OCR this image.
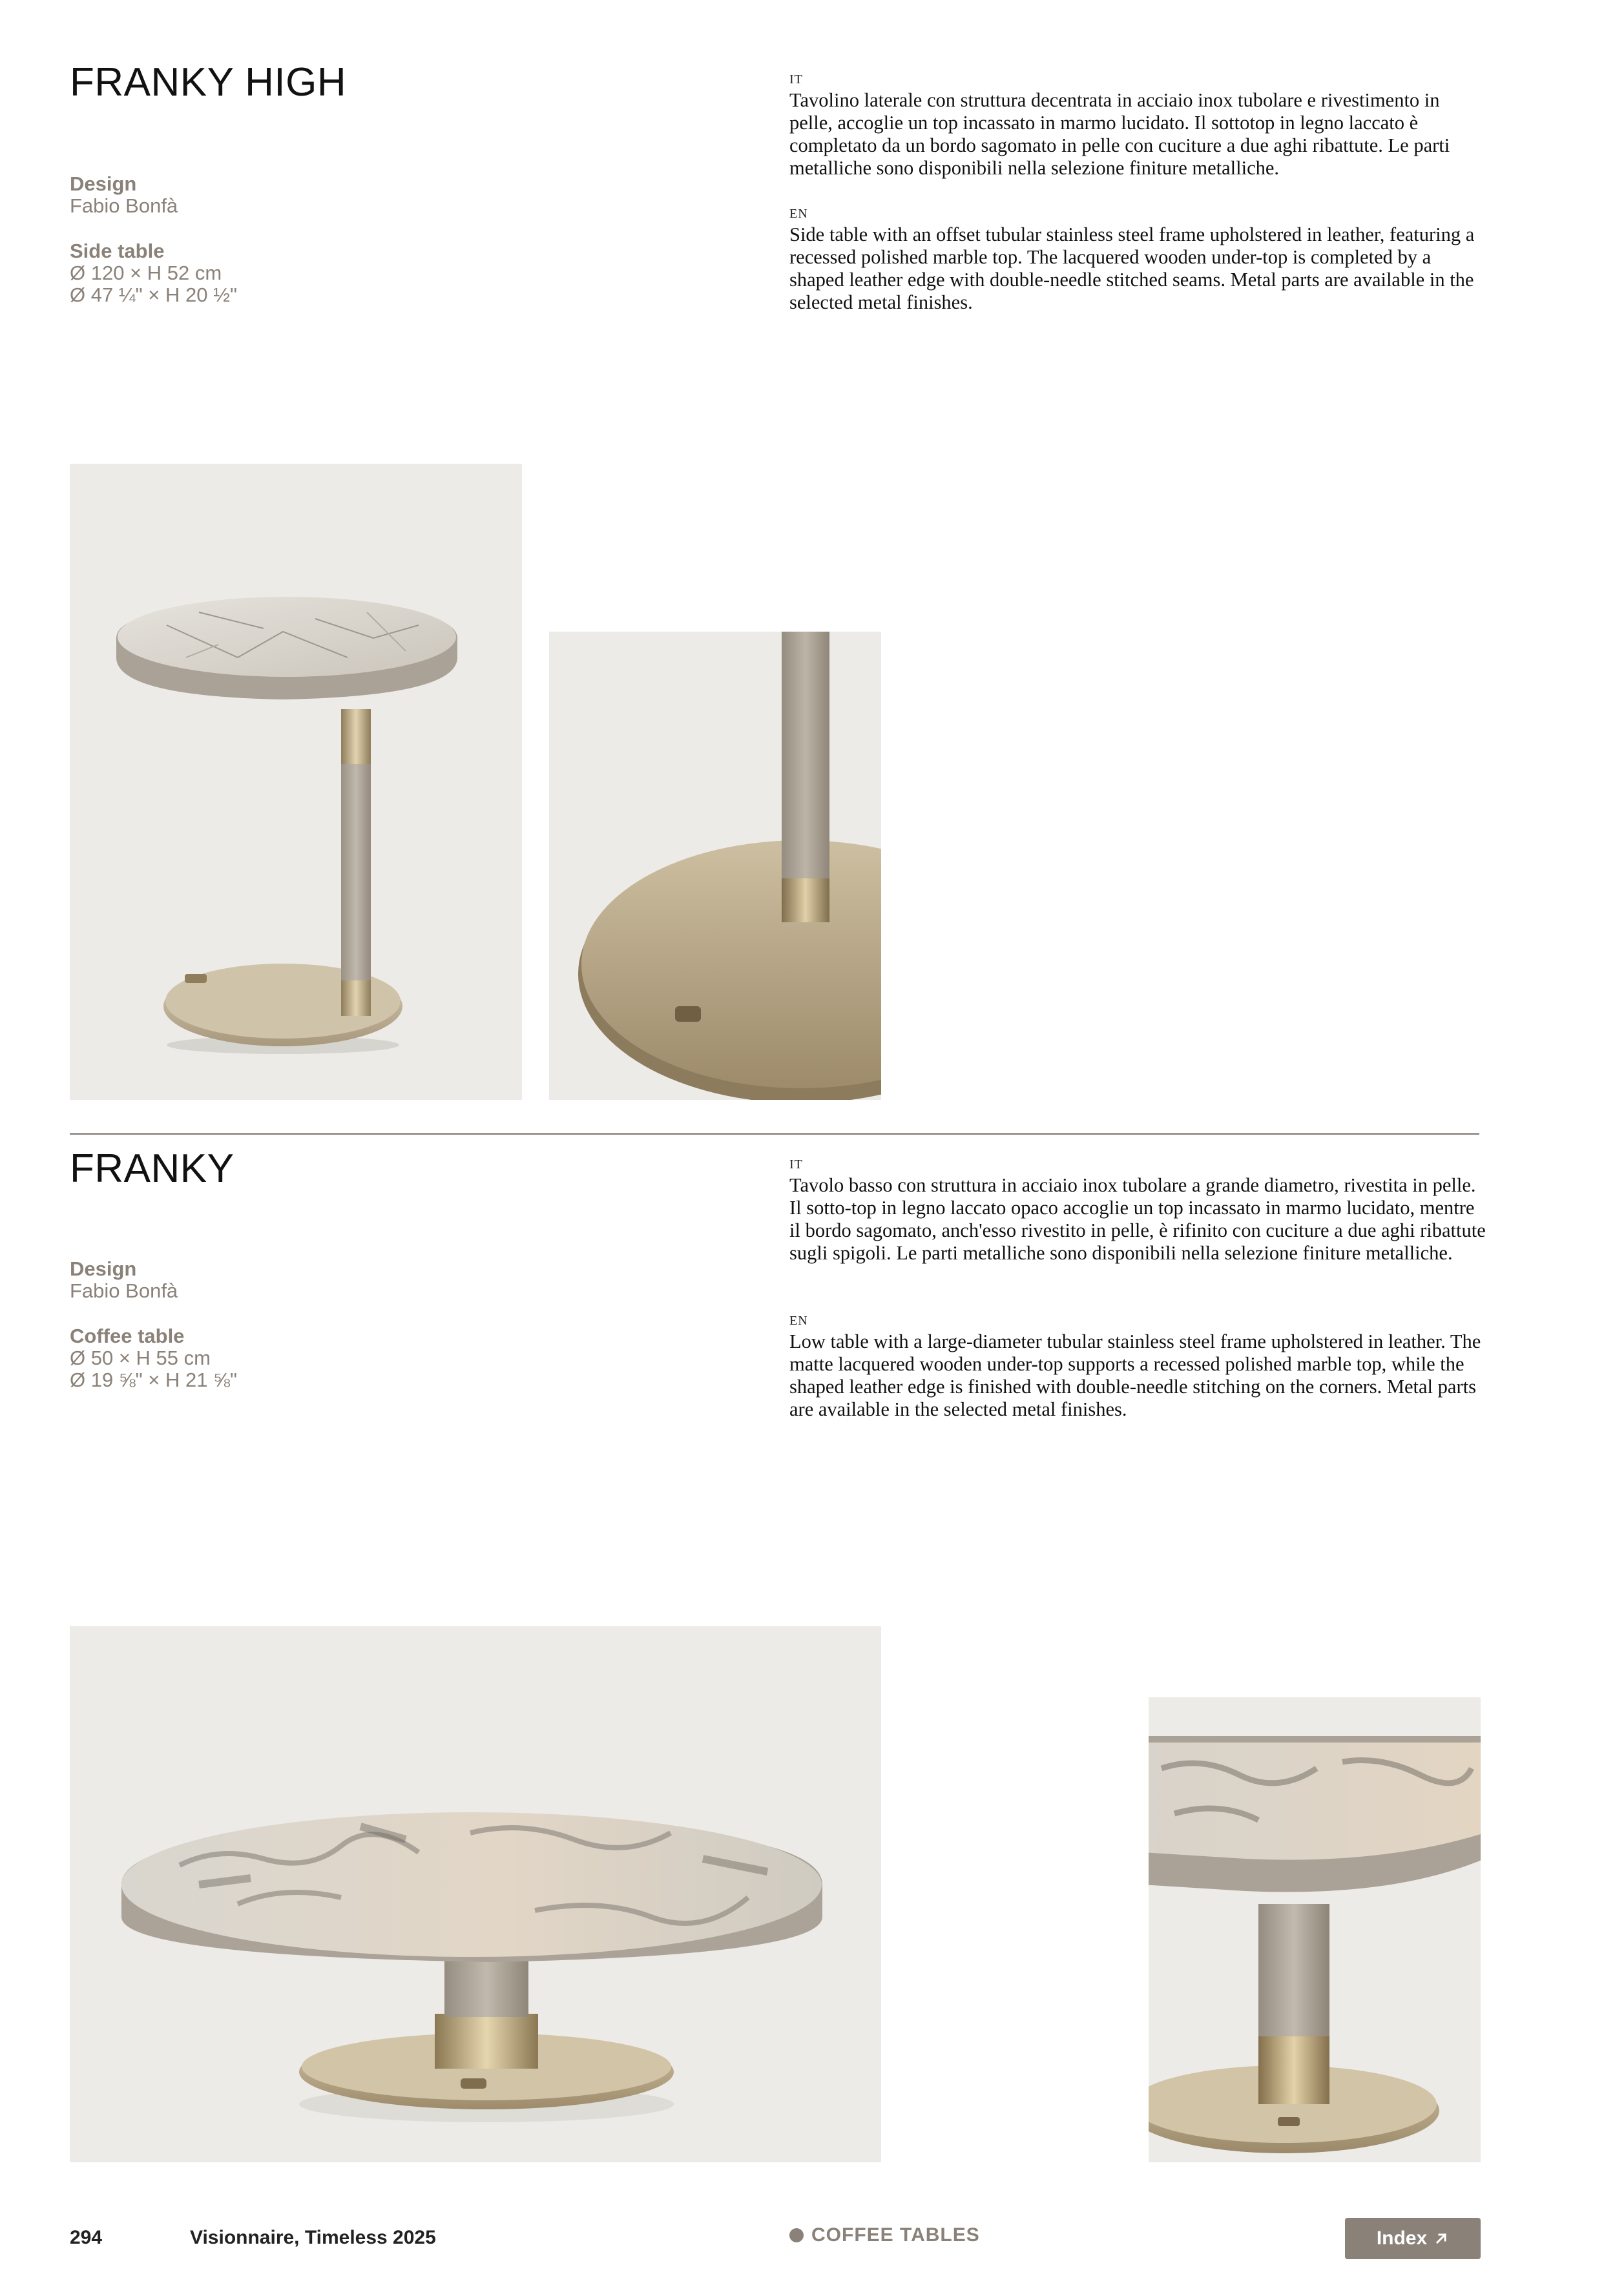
FRANKY HIGH
Design
Fabio Bonfà
Side table
Ø 120 × H 52 cm
Ø 47 ¼" × H 20 ½"
IT
Tavolino laterale con struttura decentrata in acciaio inox tubolare e rivestimento in pelle, accoglie un top incassato in marmo lucidato. Il sottotop in legno laccato è completato da un bordo sagomato in pelle con cuciture a due aghi ribattute. Le parti metalliche sono disponibili nella selezione finiture metalliche.
EN
Side table with an offset tubular stainless steel frame upholstered in leather, featuring a recessed polished marble top. The lacquered wooden under-top is completed by a shaped leather edge with double-needle stitched seams. Metal parts are available in the selected metal finishes.
FRANKY
Design
Fabio Bonfà
Coffee table
Ø 50 × H 55 cm
Ø 19 ⅝" × H 21 ⅝"
IT
Tavolo basso con struttura in acciaio inox tubolare a grande diametro, rivestita in pelle. Il sotto-top in legno laccato opaco accoglie un top incassato in marmo lucidato, mentre il bordo sagomato, anch'esso rivestito in pelle, è rifinito con cuciture a due aghi ribattute sugli spigoli. Le parti metalliche sono disponibili nella selezione finiture metalliche.
EN
Low table with a large-diameter tubular stainless steel frame upholstered in leather. The matte lacquered wooden under-top supports a recessed polished marble top, while the shaped leather edge is finished with double-needle stitching on the corners. Metal parts are available in the selected metal finishes.
294	Visionnaire, Timeless 2025	COFFEE TABLES	Index
